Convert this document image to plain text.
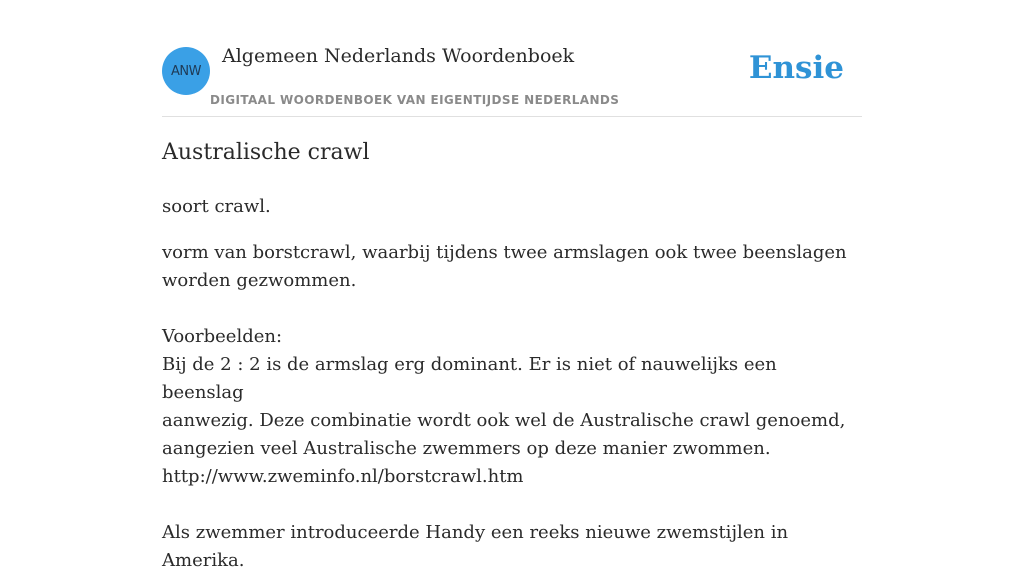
ANW
Algemeen Nederlands Woordenboek
DIGITAAL WOORDENBOEK VAN EIGENTIJDSE NEDERLANDS
Ensie
Australische crawl
soort crawl.

vorm van borstcrawl, waarbij tijdens twee armslagen ook twee beenslagen

worden gezwommen.

Voorbeelden:

Bij de 2 : 2 is de armslag erg dominant. Er is niet of nauwelijks een beenslag

aanwezig. Deze combinatie wordt ook wel de Australische crawl genoemd,

aangezien veel Australische zwemmers op deze manier zwommen.

http://www.zweminfo.nl/borstcrawl.htm

Als zwemmer introduceerde Handy een reeks nieuwe zwemstijlen in Amerika.
